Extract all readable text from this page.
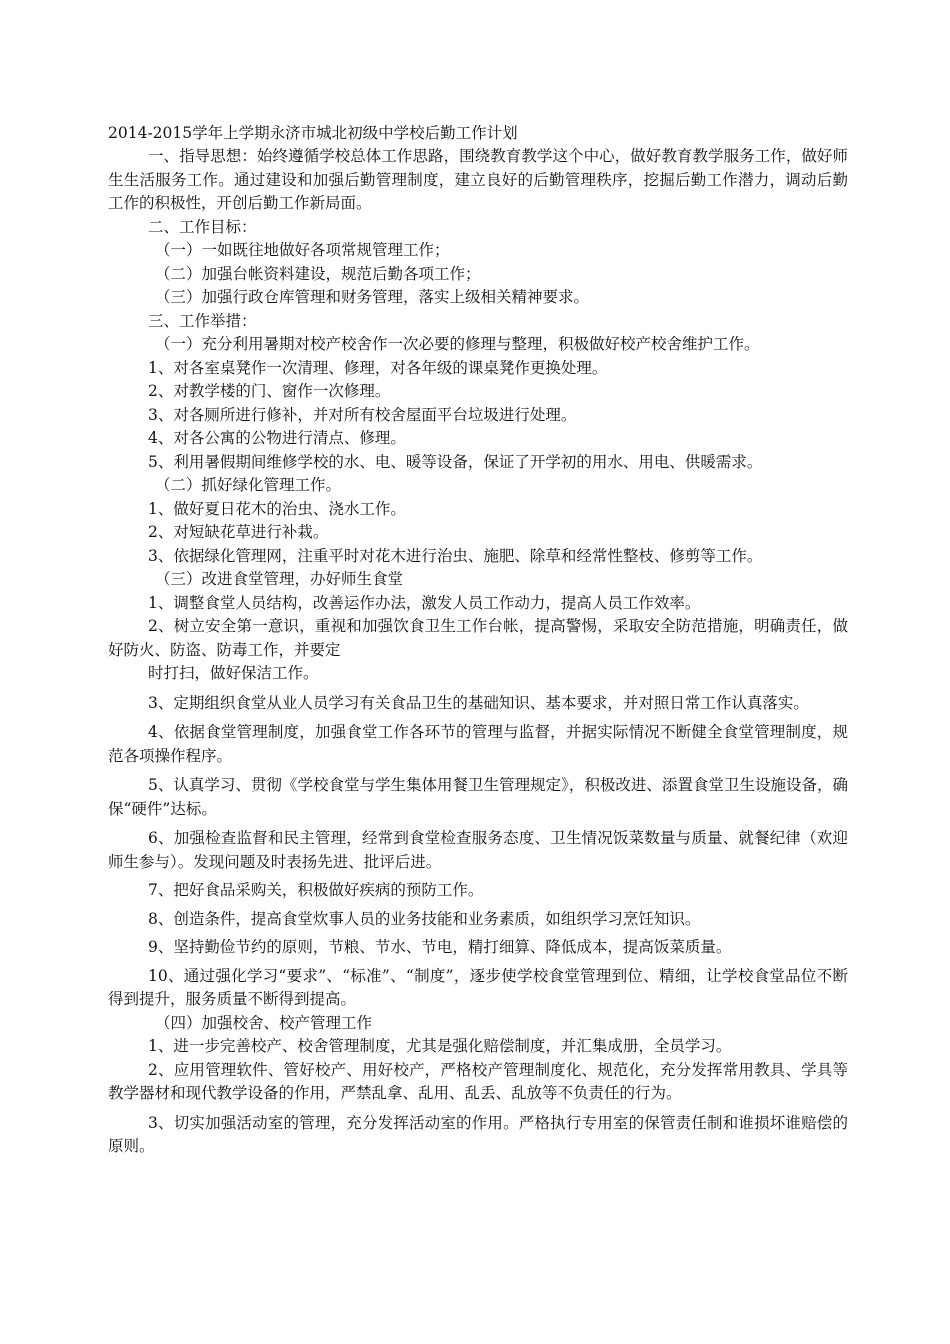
2014-2015学年上学期永济市城北初级中学校后勤工作计划

一、指导思想：始终遵循学校总体工作思路，围绕教育教学这个中心，做好教育教学服务工作，做好师生生活服务工作。通过建设和加强后勤管理制度，建立良好的后勤管理秩序，挖掘后勤工作潜力，调动后勤工作的积极性，开创后勤工作新局面。

二、工作目标：

（一）一如既往地做好各项常规管理工作；

（二）加强台帐资料建设，规范后勤各项工作；

（三）加强行政仓库管理和财务管理，落实上级相关精神要求。

三、工作举措：

（一）充分利用暑期对校产校舍作一次必要的修理与整理，积极做好校产校舍维护工作。

1、对各室桌凳作一次清理、修理，对各年级的课桌凳作更换处理。

2、对教学楼的门、窗作一次修理。

3、对各厕所进行修补，并对所有校舍屋面平台垃圾进行处理。

4、对各公寓的公物进行清点、修理。

5、利用暑假期间维修学校的水、电、暖等设备，保证了开学初的用水、用电、供暖需求。

（二）抓好绿化管理工作。

1、做好夏日花木的治虫、浇水工作。

2、对短缺花草进行补栽。

3、依据绿化管理网，注重平时对花木进行治虫、施肥、除草和经常性整枝、修剪等工作。

（三）改进食堂管理，办好师生食堂

1、调整食堂人员结构，改善运作办法，激发人员工作动力，提高人员工作效率。

2、树立安全第一意识，重视和加强饮食卫生工作台帐，提高警惕，采取安全防范措施，明确责任，做好防火、防盗、防毒工作，并要定

时打扫，做好保洁工作。

3、定期组织食堂从业人员学习有关食品卫生的基础知识、基本要求，并对照日常工作认真落实。

4、依据食堂管理制度，加强食堂工作各环节的管理与监督，并据实际情况不断健全食堂管理制度，规范各项操作程序。

5、认真学习、贯彻《学校食堂与学生集体用餐卫生管理规定》，积极改进、添置食堂卫生设施设备，确保“硬件”达标。

6、加强检查监督和民主管理，经常到食堂检查服务态度、卫生情况饭菜数量与质量、就餐纪律（欢迎师生参与）。发现问题及时表扬先进、批评后进。

7、把好食品采购关，积极做好疾病的预防工作。

8、创造条件，提高食堂炊事人员的业务技能和业务素质，如组织学习烹饪知识。

9、坚持勤俭节约的原则，节粮、节水、节电，精打细算、降低成本，提高饭菜质量。

10、通过强化学习“要求”、“标准”、“制度”，逐步使学校食堂管理到位、精细，让学校食堂品位不断得到提升，服务质量不断得到提高。

（四）加强校舍、校产管理工作

1、进一步完善校产、校舍管理制度，尤其是强化赔偿制度，并汇集成册，全员学习。

2、应用管理软件、管好校产、用好校产，严格校产管理制度化、规范化，充分发挥常用教具、学具等教学器材和现代教学设备的作用，严禁乱拿、乱用、乱丢、乱放等不负责任的行为。

3、切实加强活动室的管理，充分发挥活动室的作用。严格执行专用室的保管责任制和谁损坏谁赔偿的原则。
